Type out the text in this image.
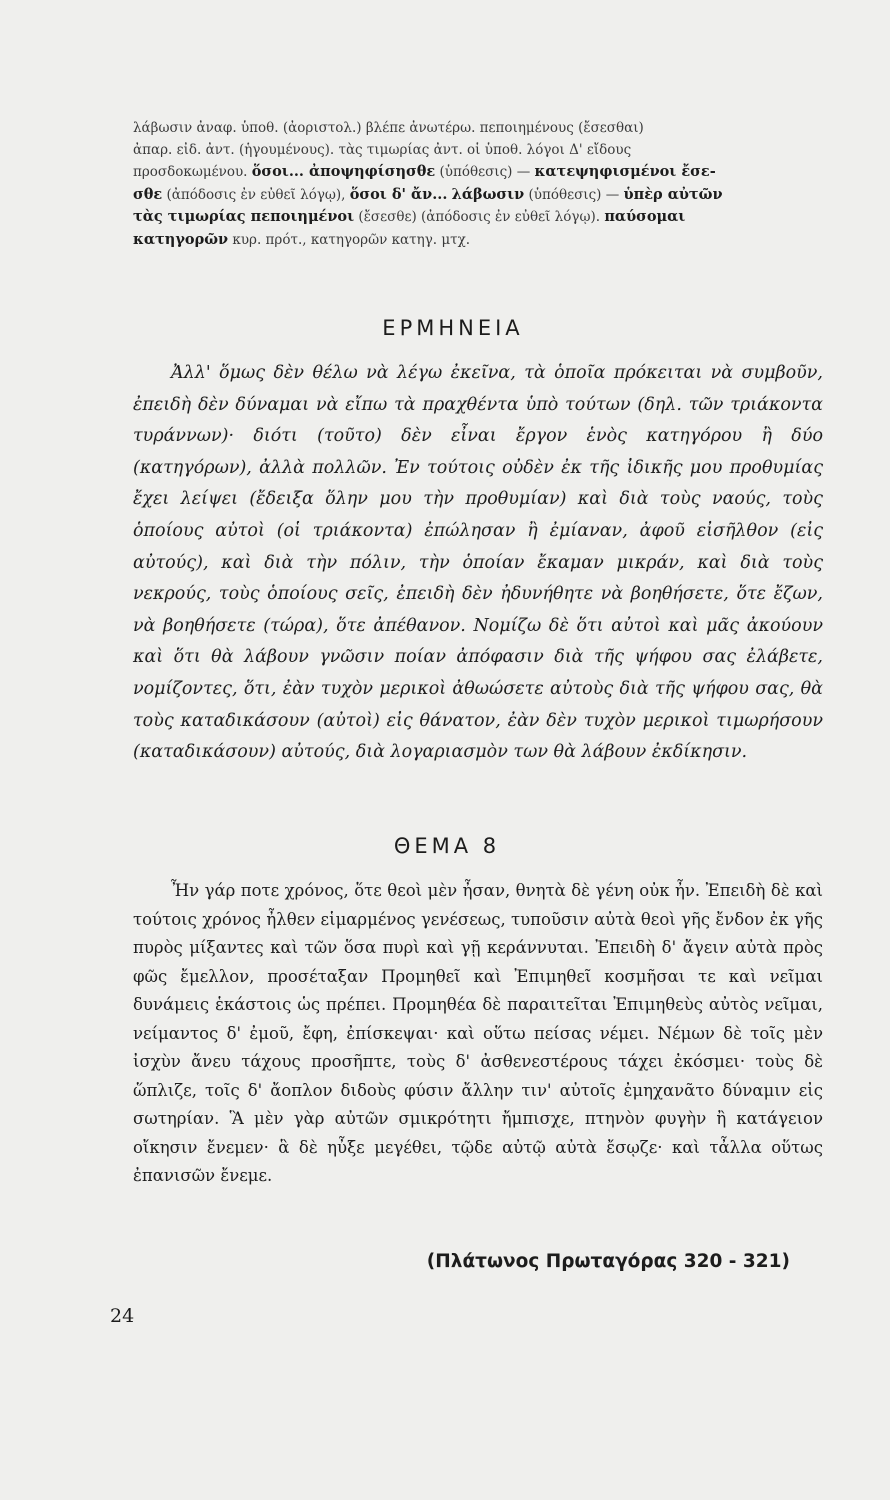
λάβωσιν ἀναφ. ὑποθ. (ἀοριστολ.) βλέπε ἀνωτέρω. πεποιημένους (ἔσεσθαι)

ἀπαρ. εἰδ. ἀντ. (ἡγουμένους). τὰς τιμωρίας ἀντ. οἱ ὑποθ. λόγοι Δ' εἴδους

προσδοκωμένου. ὅσοι... ἀποψηφίσησθε (ὑπόθεσις) — κατεψηφισμένοι ἔσε-

σθε (ἀπόδοσις ἐν εὐθεῖ λόγῳ), ὅσοι δ' ἄν... λάβωσιν (ὑπόθεσις) — ὑπὲρ αὐτῶν

τὰς τιμωρίας πεποιημένοι (ἔσεσθε) (ἀπόδοσις ἐν εὐθεῖ λόγῳ). παύσομαι

κατηγορῶν κυρ. πρότ., κατηγορῶν κατηγ. μτχ.

ΕΡΜΗΝΕΙΑ

Ἀλλ' ὅμως δὲν θέλω νὰ λέγω ἐκεῖνα, τὰ ὁποῖα πρόκειται νὰ συμβοῦν, ἐπειδὴ δὲν δύναμαι νὰ εἴπω τὰ πραχθέντα ὑπὸ τούτων (δηλ. τῶν τριάκοντα τυράννων)· διότι (τοῦτο) δὲν εἶναι ἔργον ἑνὸς κατηγόρου ἢ δύο (κατηγόρων), ἀλλὰ πολλῶν. Ἐν τούτοις οὐδὲν ἐκ τῆς ἰδικῆς μου προθυμίας ἔχει λείψει (ἔδειξα ὅλην μου τὴν προθυμίαν) καὶ διὰ τοὺς ναούς, τοὺς ὁποίους αὐτοὶ (οἱ τριάκοντα) ἐπώλησαν ἢ ἐμίαναν, ἀφοῦ εἰσῆλθον (εἰς αὐτούς), καὶ διὰ τὴν πόλιν, τὴν ὁποίαν ἔκαμαν μικράν, καὶ διὰ τοὺς νεκρούς, τοὺς ὁποίους σεῖς, ἐπειδὴ δὲν ἠδυνήθητε νὰ βοηθήσετε, ὅτε ἔζων, νὰ βοηθήσετε (τώρα), ὅτε ἀπέθανον. Νομίζω δὲ ὅτι αὐτοὶ καὶ μᾶς ἀκούουν καὶ ὅτι θὰ λάβουν γνῶσιν ποίαν ἀπόφασιν διὰ τῆς ψήφου σας ἐλάβετε, νομίζοντες, ὅτι, ἐὰν τυχὸν μερικοὶ ἀθωώσετε αὐτοὺς διὰ τῆς ψήφου σας, θὰ τοὺς καταδικάσουν (αὐτοὶ) εἰς θάνατον, ἐὰν δὲν τυχὸν μερικοὶ τιμωρήσουν (καταδικάσουν) αὐτούς, διὰ λογαριασμὸν των θὰ λάβουν ἐκδίκησιν.

ΘΕΜΑ 8

Ἦν γάρ ποτε χρόνος, ὅτε θεοὶ μὲν ἦσαν, θνητὰ δὲ γένη οὐκ ἦν. Ἐπειδὴ δὲ καὶ τούτοις χρόνος ἦλθεν εἱμαρμένος γενέσεως, τυποῦσιν αὐτὰ θεοὶ γῆς ἔνδον ἐκ γῆς πυρὸς μίξαντες καὶ τῶν ὅσα πυρὶ καὶ γῇ κεράννυται. Ἐπειδὴ δ' ἄγειν αὐτὰ πρὸς φῶς ἔμελλον, προσέταξαν Προμηθεῖ καὶ Ἐπιμηθεῖ κοσμῆσαι τε καὶ νεῖμαι δυνάμεις ἑκάστοις ὡς πρέπει. Προμηθέα δὲ παραιτεῖται Ἐπιμηθεὺς αὐτὸς νεῖμαι, νείμαντος δ' ἐμοῦ, ἔφη, ἐπίσκεψαι· καὶ οὕτω πείσας νέμει. Νέμων δὲ τοῖς μὲν ἰσχὺν ἄνευ τάχους προσῆπτε, τοὺς δ' ἀσθενεστέρους τάχει ἐκόσμει· τοὺς δὲ ὥπλιζε, τοῖς δ' ἄοπλον διδοὺς φύσιν ἄλλην τιν' αὐτοῖς ἐμηχανᾶτο δύναμιν εἰς σωτηρίαν. Ἃ μὲν γὰρ αὐτῶν σμικρότητι ἤμπισχε, πτηνὸν φυγὴν ἢ κατάγειον οἴκησιν ἔνεμεν· ἃ δὲ ηὖξε μεγέθει, τῷδε αὐτῷ αὐτὰ ἔσῳζε· καὶ τἆλλα οὕτως ἐπανισῶν ἔνεμε.

(Πλάτωνος Πρωταγόρας 320 - 321)
24
